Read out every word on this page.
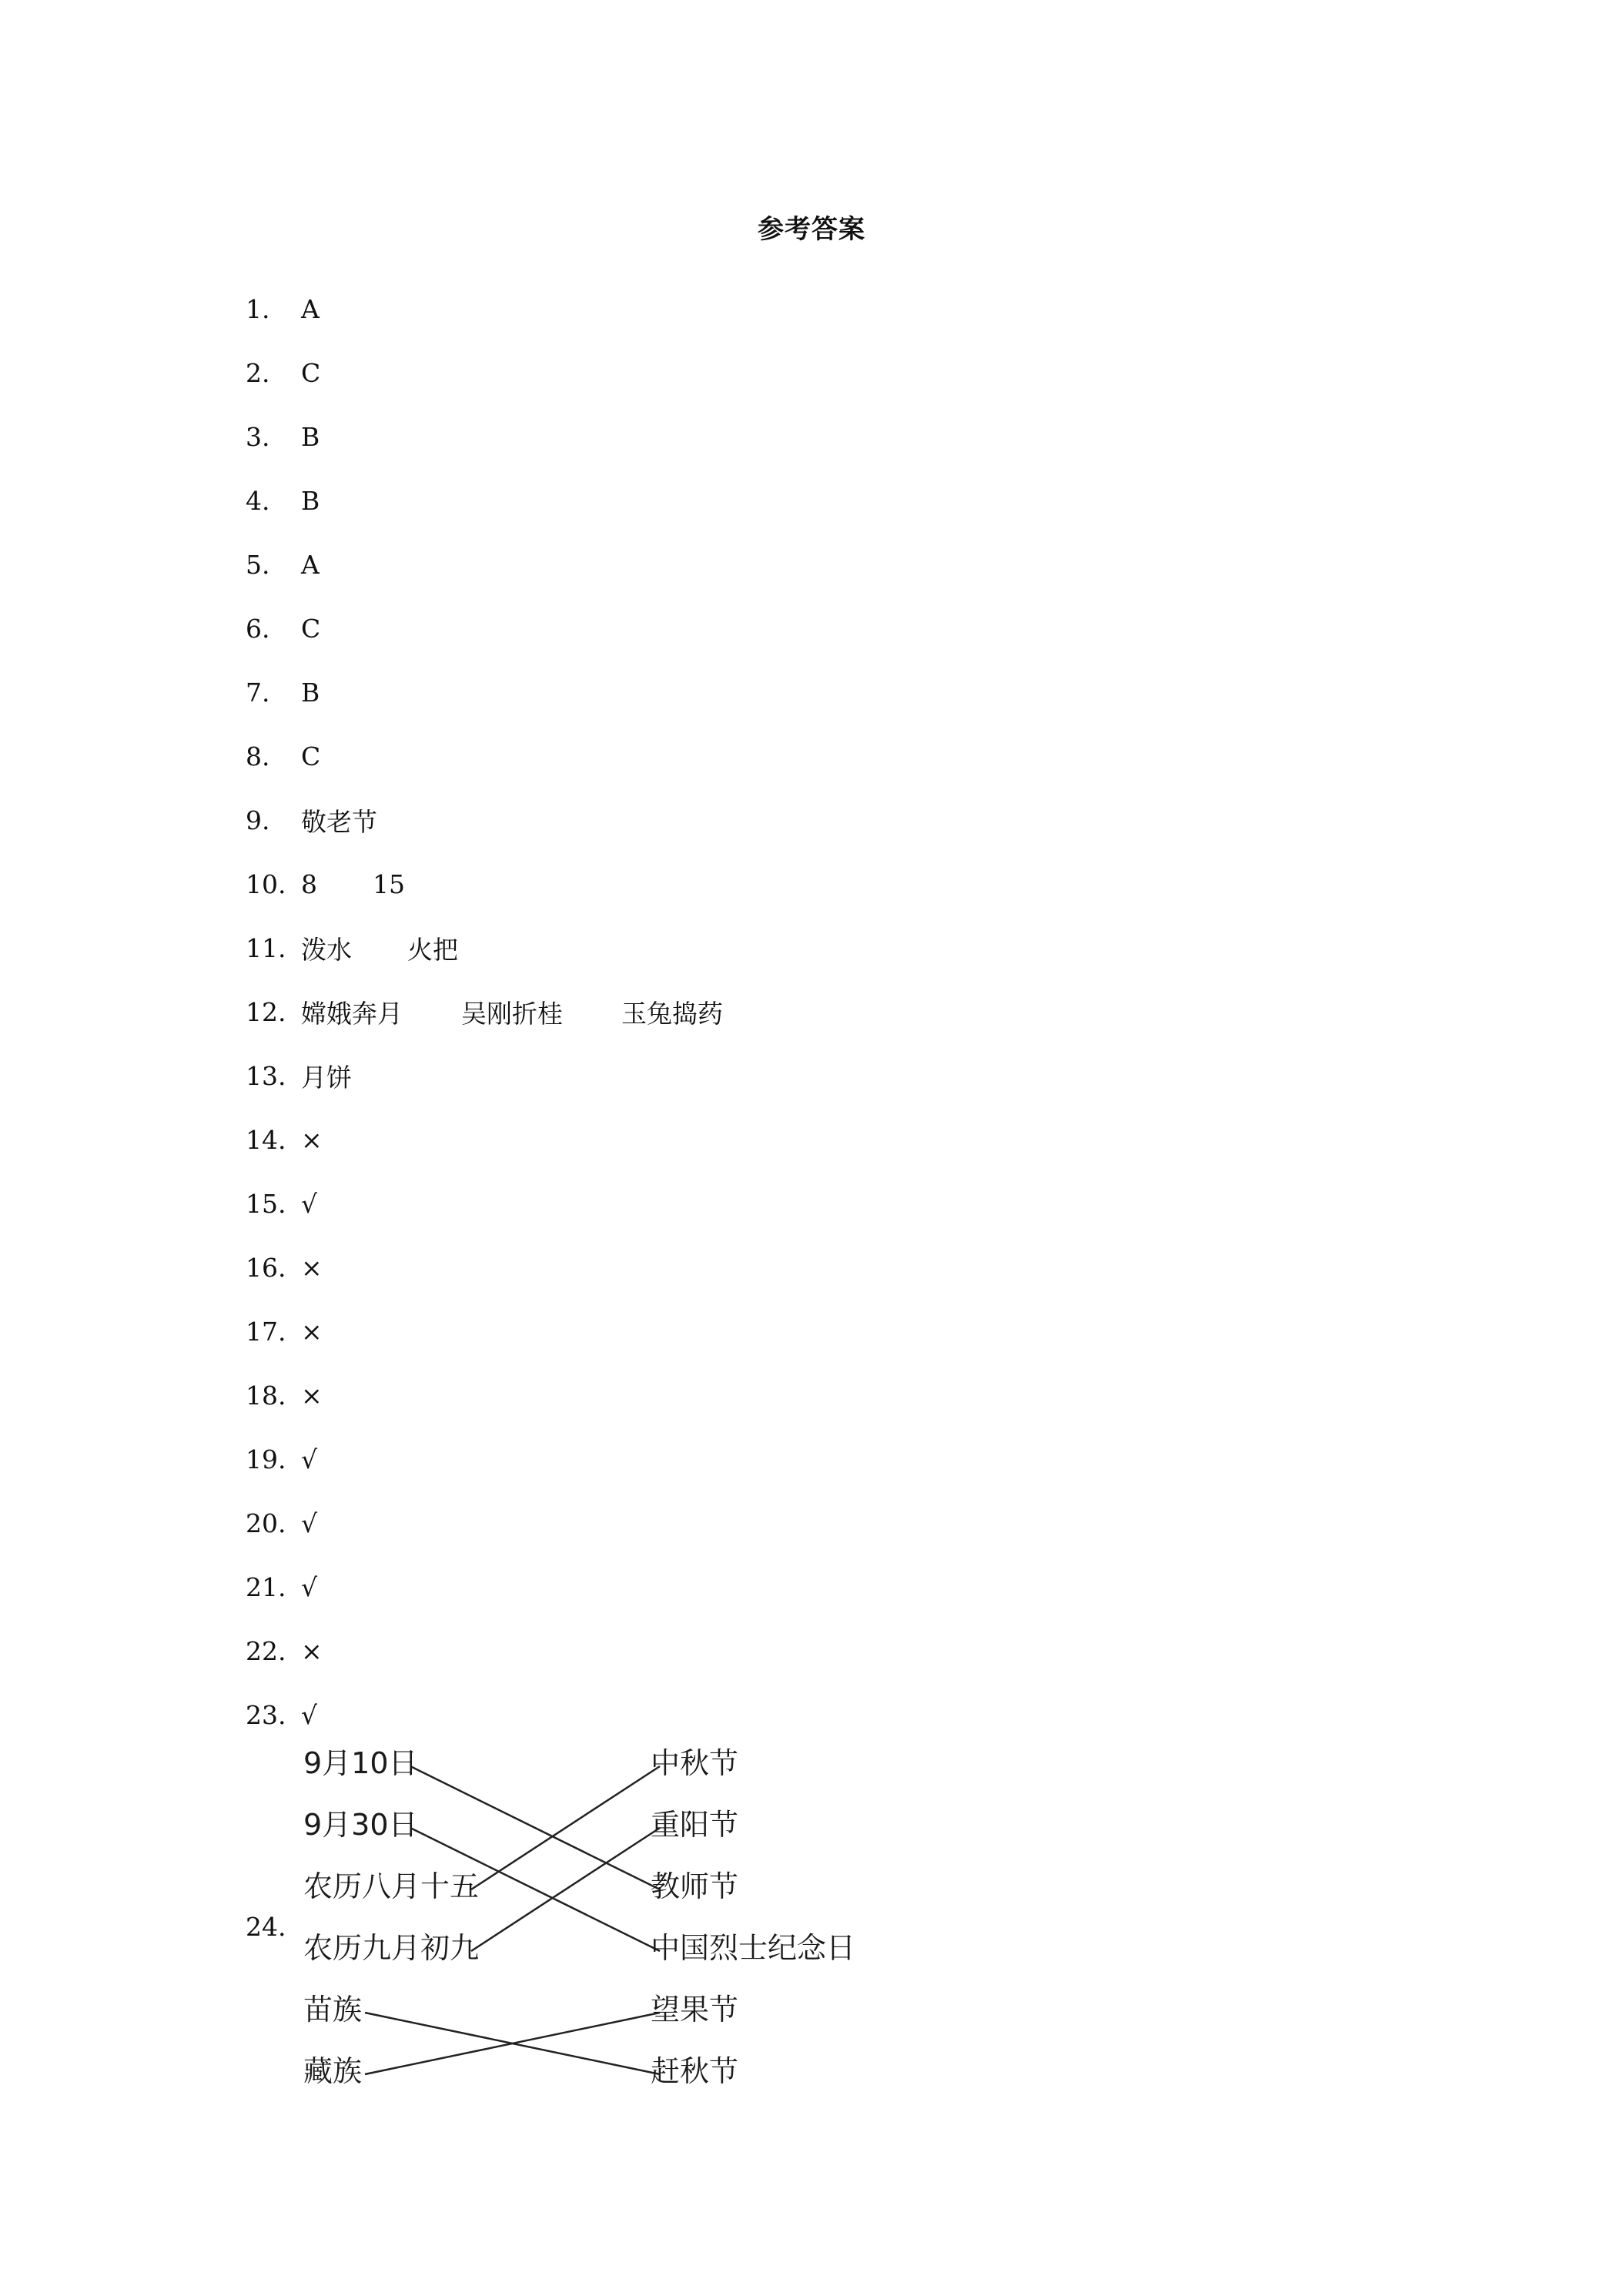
参考答案
1.	A
2.	C
3.	B
4.	B
5.	A
6.	C
7.	B
8.	C
9.	敬老节
10. 8 15
11. 泼水 火把
12. 嫦娥奔月 吴刚折桂 玉兔捣药
13. 月饼
14. ×
15. √
16. ×
17. ×
18. ×
19. √
20. √
21. √
22. ×
23. √
24.
9月10日
9月30日
农历八月十五
农历九月初九
苗族
藏族
中秋节
重阳节
教师节
中国烈士纪念日
望果节
赶秋节
